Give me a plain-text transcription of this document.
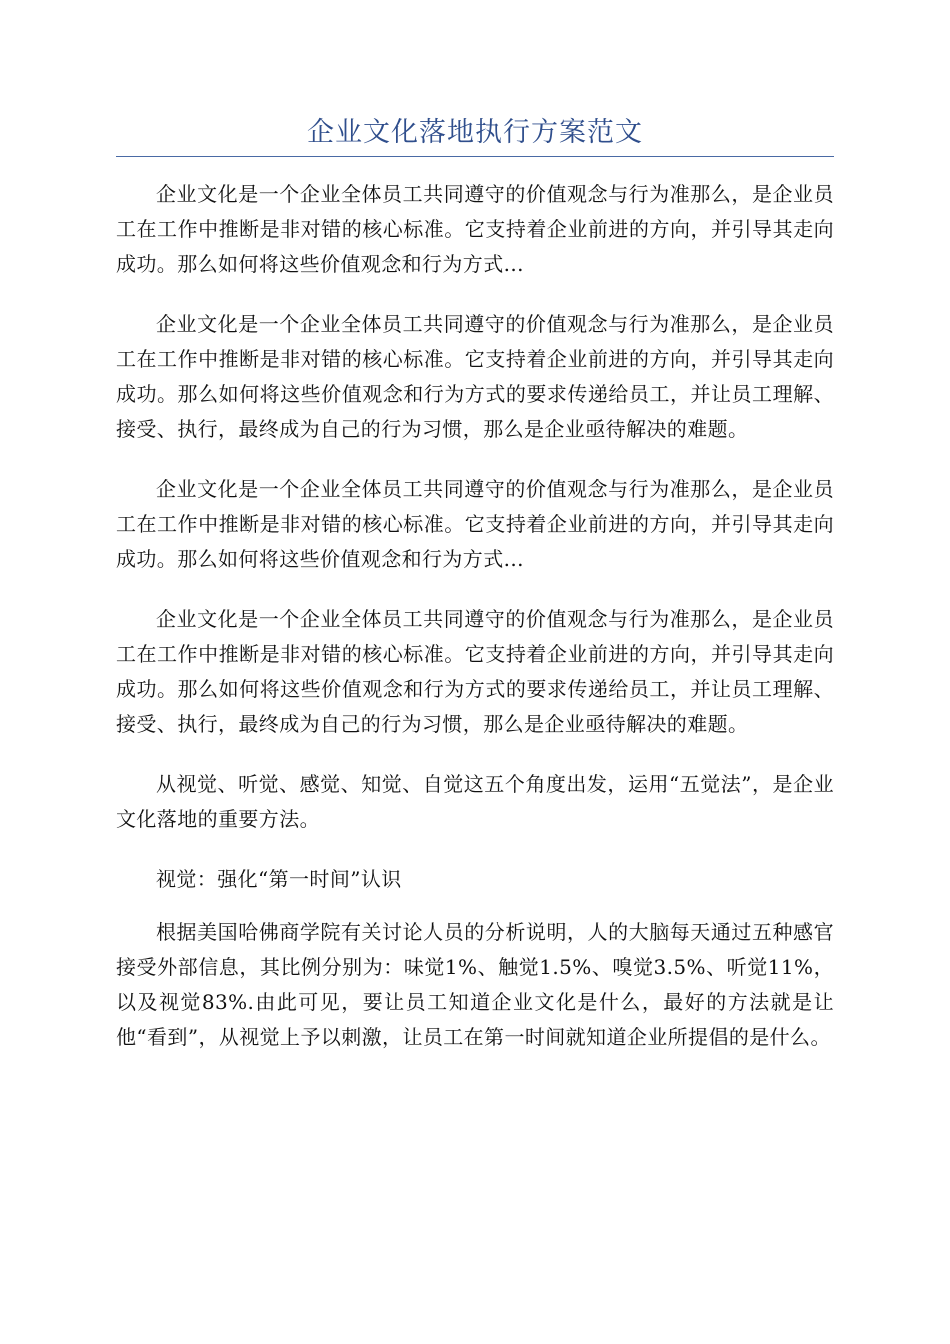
企业文化落地执行方案范文

企业文化是一个企业全体员工共同遵守的价值观念与行为准那么，是企业员工在工作中推断是非对错的核心标准。它支持着企业前进的方向，并引导其走向成功。那么如何将这些价值观念和行为方式...

企业文化是一个企业全体员工共同遵守的价值观念与行为准那么，是企业员工在工作中推断是非对错的核心标准。它支持着企业前进的方向，并引导其走向成功。那么如何将这些价值观念和行为方式的要求传递给员工，并让员工理解、接受、执行，最终成为自己的行为习惯，那么是企业亟待解决的难题。

企业文化是一个企业全体员工共同遵守的价值观念与行为准那么，是企业员工在工作中推断是非对错的核心标准。它支持着企业前进的方向，并引导其走向成功。那么如何将这些价值观念和行为方式...

企业文化是一个企业全体员工共同遵守的价值观念与行为准那么，是企业员工在工作中推断是非对错的核心标准。它支持着企业前进的方向，并引导其走向成功。那么如何将这些价值观念和行为方式的要求传递给员工，并让员工理解、接受、执行，最终成为自己的行为习惯，那么是企业亟待解决的难题。

从视觉、听觉、感觉、知觉、自觉这五个角度出发，运用“五觉法”，是企业文化落地的重要方法。

视觉：强化“第一时间”认识

根据美国哈佛商学院有关讨论人员的分析说明，人的大脑每天通过五种感官接受外部信息，其比例分别为：味觉1%、触觉1.5%、嗅觉3.5%、听觉11%，以及视觉83%.由此可见，要让员工知道企业文化是什么，最好的方法就是让他“看到”，从视觉上予以刺激，让员工在第一时间就知道企业所提倡的是什么。
